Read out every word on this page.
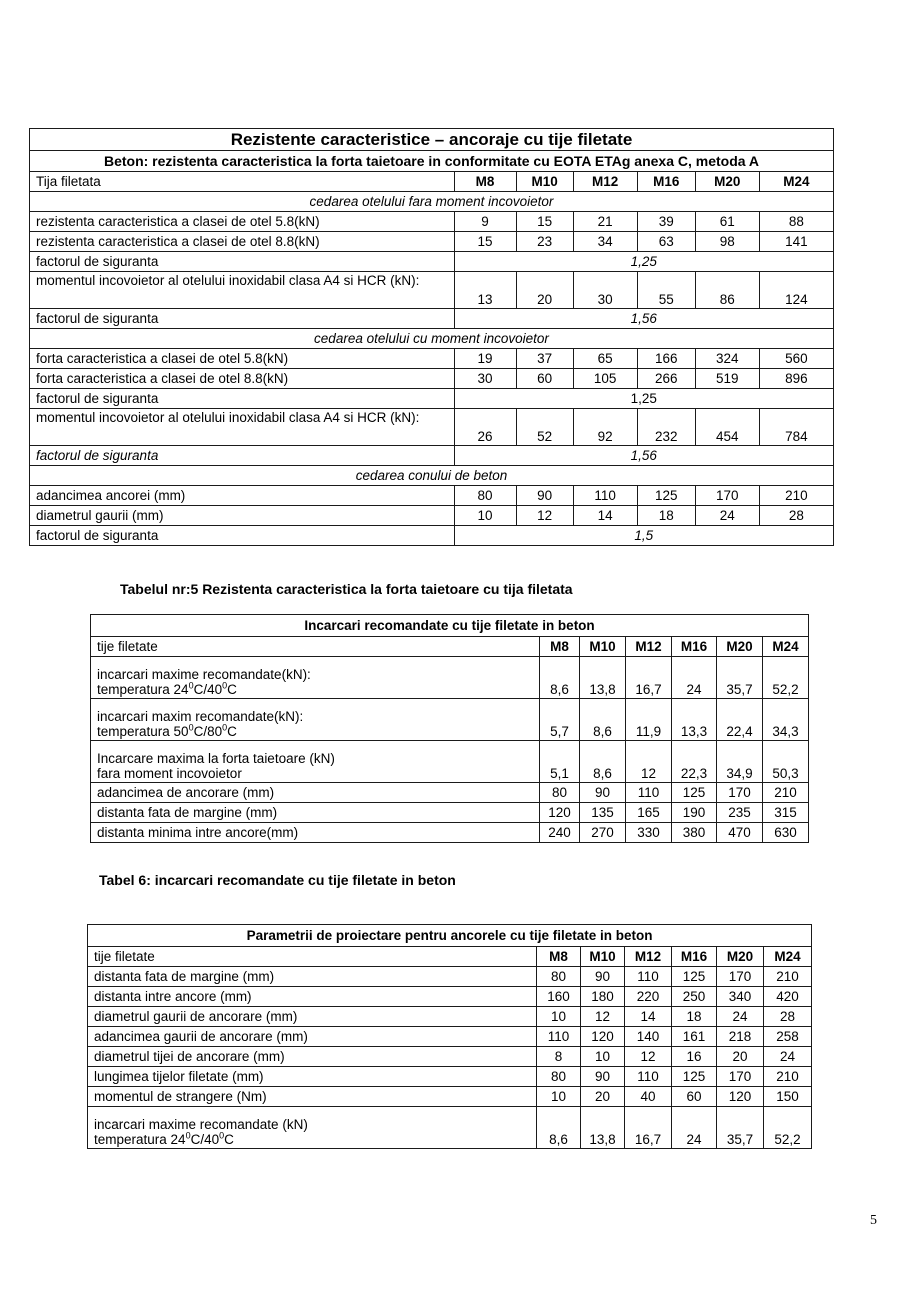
Rezistente caracteristice – ancoraje cu tije filetate						
Beton: rezistenta caracteristica la forta taietoare in conformitate cu EOTA ETAg anexa C, metoda A						
Tija filetata	M8	M10	M12	M16	M20	M24
cedarea otelului fara moment incovoietor						
rezistenta caracteristica a clasei de otel 5.8(kN)	9	15	21	39	61	88
rezistenta caracteristica a clasei de otel 8.8(kN)	15	23	34	63	98	141
factorul de siguranta	1,25					
momentul incovoietor al otelului inoxidabil clasa A4 si HCR (kN):	13	20	30	55	86	124
factorul de siguranta	1,56					
cedarea otelului cu moment incovoietor						
forta caracteristica a clasei de otel 5.8(kN)	19	37	65	166	324	560
forta caracteristica a clasei de otel 8.8(kN)	30	60	105	266	519	896
factorul de siguranta	1,25					
momentul incovoietor al otelului inoxidabil clasa A4 si HCR (kN):	26	52	92	232	454	784
factorul de siguranta	1,56					
cedarea conului de beton						
adancimea ancorei (mm)	80	90	110	125	170	210
diametrul gaurii (mm)	10	12	14	18	24	28
factorul de siguranta	1,5					
Tabelul nr:5 Rezistenta caracteristica la forta taietoare cu tija filetata
Incarcari recomandate cu tije filetate in beton						
tije filetate	M8	M10	M12	M16	M20	M24

incarcari maxime recomandate(kN):
temperatura $24^0C/40^0C$	8,6	13,8	16,7	24	35,7	52,2

incarcari maxim recomandate(kN):
temperatura $50^0C/80^0C$	5,7	8,6	11,9	13,3	22,4	34,3

Incarcare maxima la forta taietoare (kN)
fara moment incovoietor	5,1	8,6	12	22,3	34,9	50,3
adancimea de ancorare (mm)	80	90	110	125	170	210
distanta fata de margine (mm)	120	135	165	190	235	315
distanta minima intre ancore(mm)	240	270	330	380	470	630
Tabel 6: incarcari recomandate cu tije filetate in beton
Parametrii de proiectare pentru ancorele cu tije filetate in beton						
tije filetate	M8	M10	M12	M16	M20	M24
distanta fata de margine (mm)	80	90	110	125	170	210
distanta intre ancore (mm)	160	180	220	250	340	420
diametrul gaurii de ancorare (mm)	10	12	14	18	24	28
adancimea gaurii de ancorare (mm)	110	120	140	161	218	258
diametrul tijei de ancorare (mm)	8	10	12	16	20	24
lungimea tijelor filetate (mm)	80	90	110	125	170	210
momentul de strangere (Nm)	10	20	40	60	120	150

incarcari maxime recomandate (kN)
temperatura $24^0C/40^0C$	8,6	13,8	16,7	24	35,7	52,2
5
